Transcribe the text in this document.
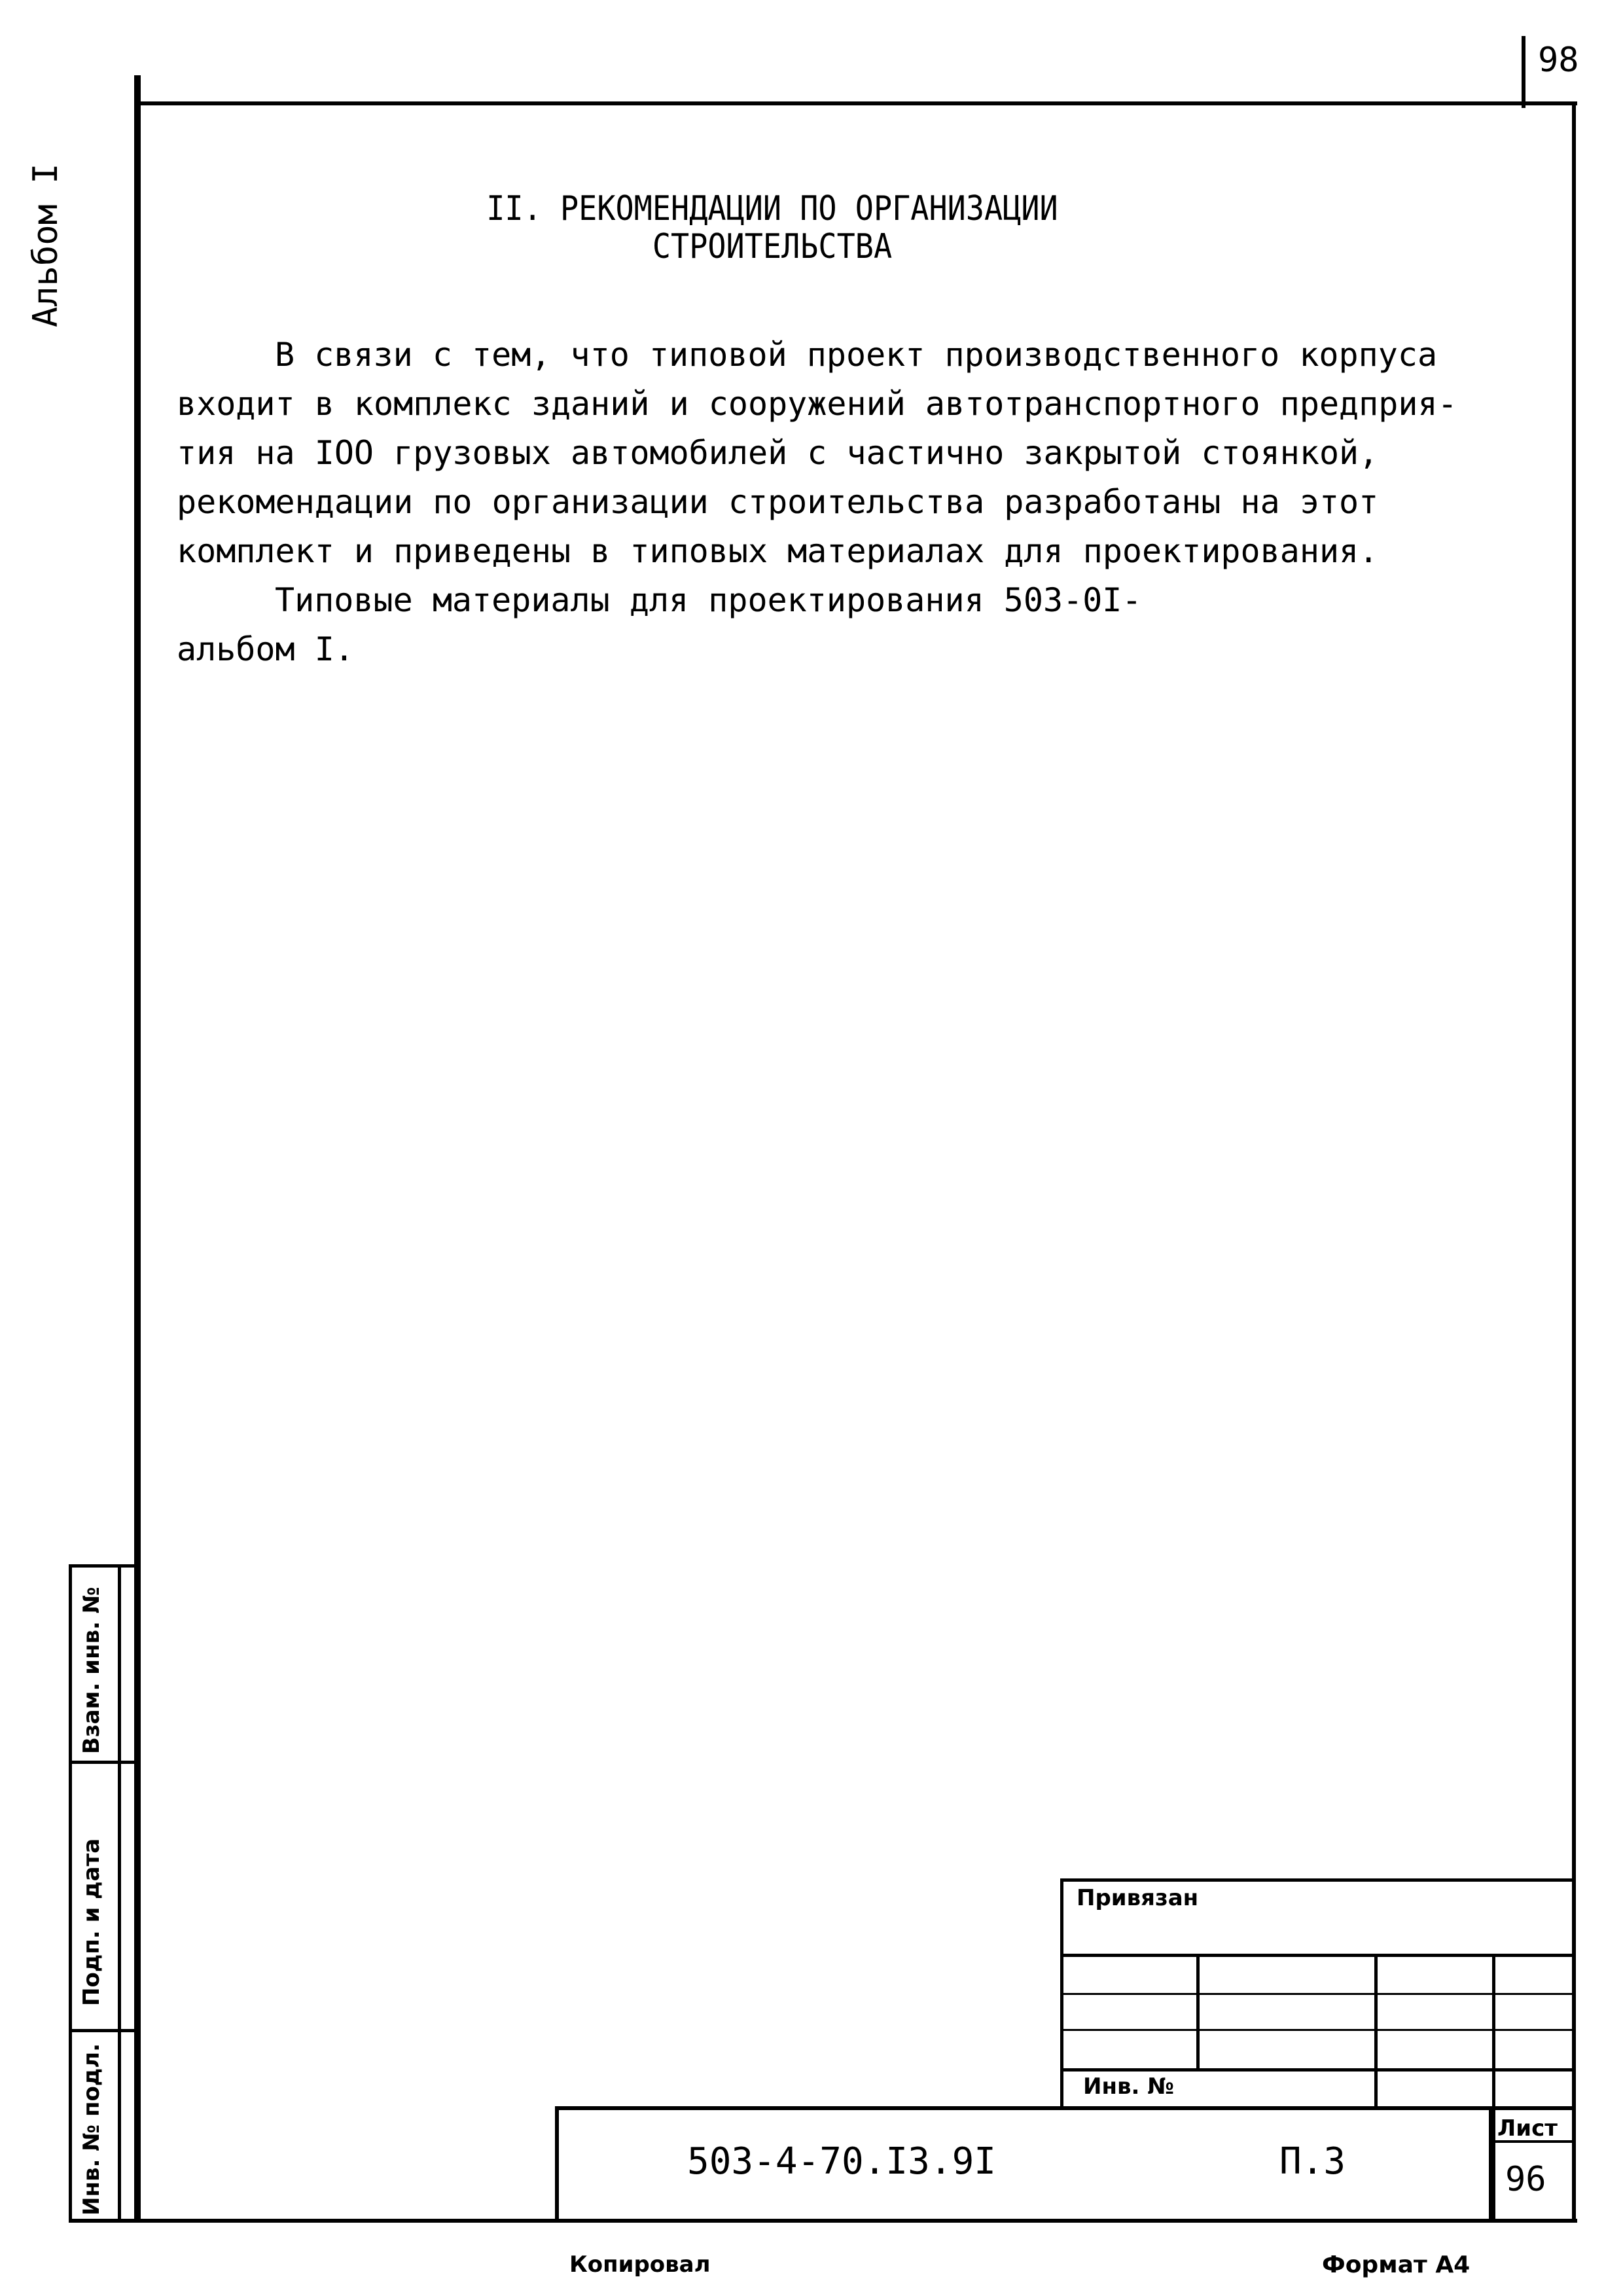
98
Альбом I	II. РЕКОМЕНДАЦИИ ПО ОРГАНИЗАЦИИ
СТРОИТЕЛЬСТВА
В связи с тем, что типовой проект производственного корпуса
входит в комплекс зданий и сооружений автотранспортного предприя-
тия на IOO грузовых автомобилей с частично закрытой стоянкой,
рекомендации по организации строительства разработаны на этот
комплект и приведены в типовых материалах для проектирования.
Типовые материалы для проектирования 503-0I-
альбом I.
Взам. инв. №
Подп. и дата
Инв. № подл.
Привязан
Инв. №
503-4-70.I3.9I	П.3
Лист
96
Копировал	Формат А4
